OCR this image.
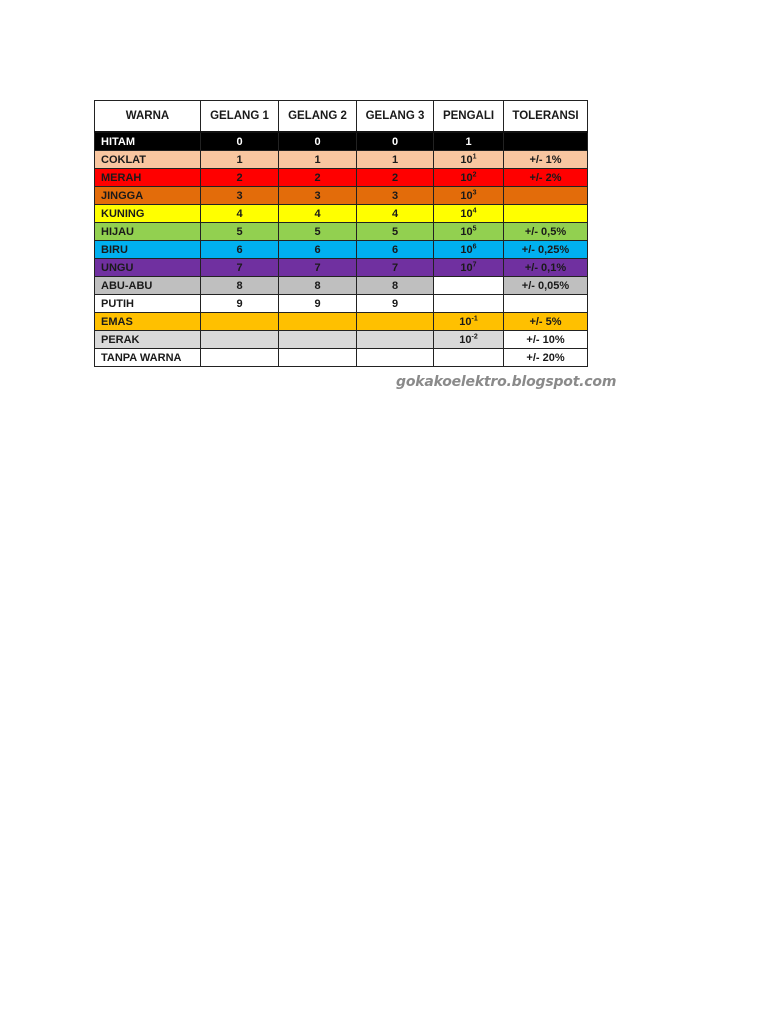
WARNA	GELANG 1	GELANG 2	GELANG 3	PENGALI	TOLERANSI
HITAM	0	0	0	1	
COKLAT	1	1	1	$10^1$	+/- 1%
MERAH	2	2	2	$10^2$	+/- 2%
JINGGA	3	3	3	$10^3$	
KUNING	4	4	4	$10^4$	
HIJAU	5	5	5	$10^5$	+/- 0,5%
BIRU	6	6	6	$10^6$	+/- 0,25%
UNGU	7	7	7	$10^7$	+/- 0,1%
ABU-ABU	8	8	8		+/- 0,05%
PUTIH	9	9	9		
EMAS				$10^{-1}$	+/- 5%
PERAK				$10^{-2}$	+/- 10%
TANPA WARNA					+/- 20%
gokakoelektro.blogspot.com
